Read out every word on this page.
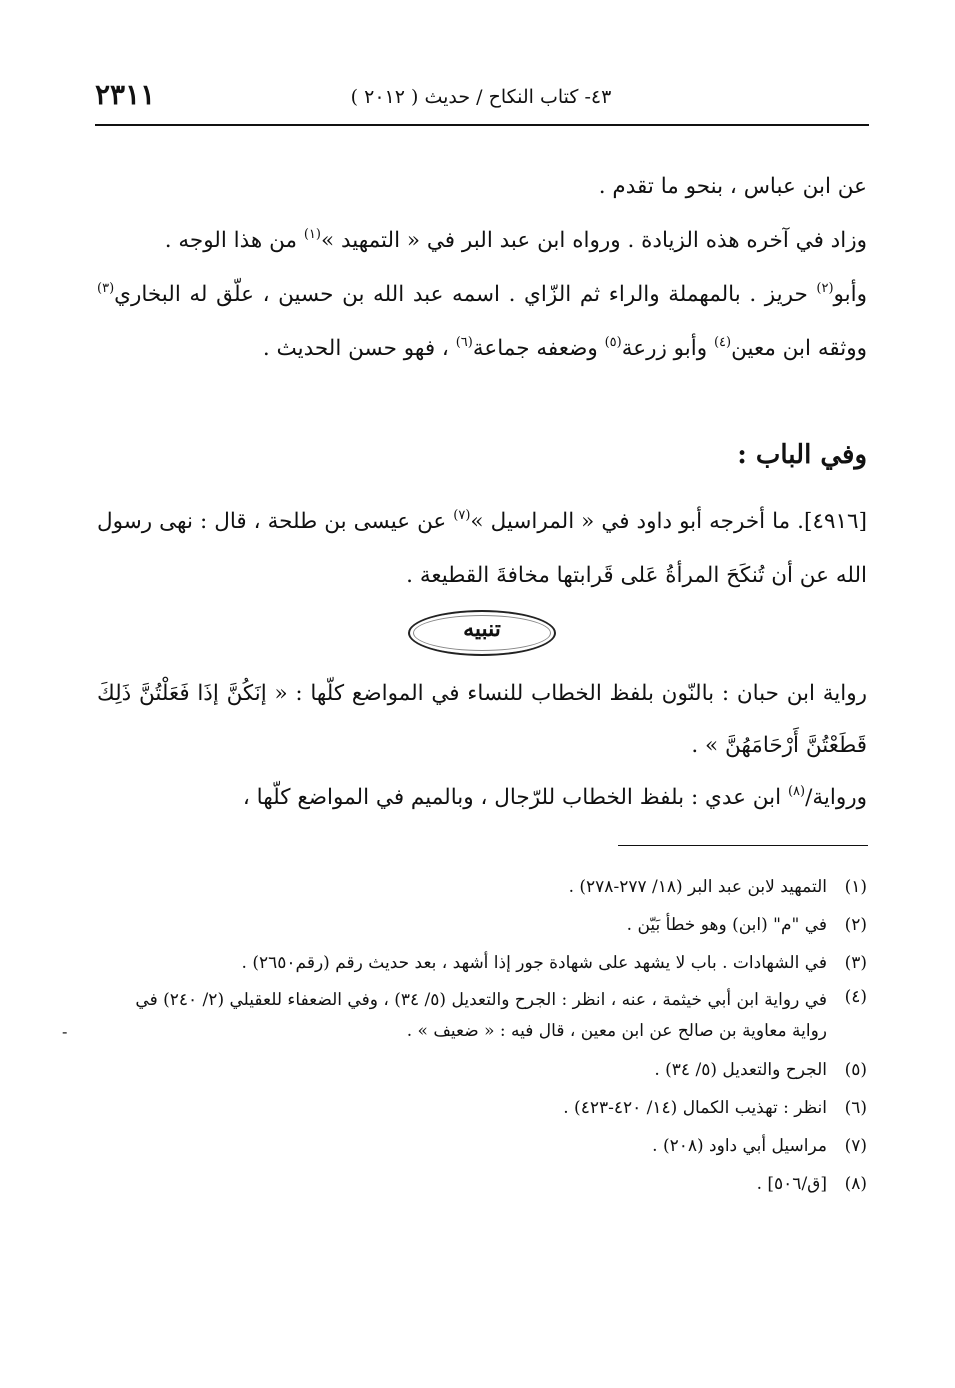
٢٣١١	٤٣- كتاب النكاح / حديث ( ٢٠١٢ )

عن ابن عباس ، بنحو ما تقدم .

وزاد في آخره هذه الزيادة . ورواه ابن عبد البر في « التمهيد »$^{(١)}$ من هذا الوجه .

وأبو$^{(٢)}$ حريز . بالمهملة والراء ثم الزّاي . اسمه عبد الله بن حسين ، علّق له البخاري$^{(٣)}$ ووثقه ابن معين$^{(٤)}$ وأبو زرعة$^{(٥)}$ وضعفه جماعة$^{(٦)}$ ، فهو حسن الحديث .

وفي الباب :

[٤٩١٦]. ما أخرجه أبو داود في « المراسيل »$^{(٧)}$ عن عيسى بن طلحة ، قال : نهى رسول الله عن أن تُنكَحَ المرأةُ عَلى قَرابتها مخافةَ القطيعة .

تنبيه

رواية ابن حبان : بالنّون بلفظ الخطاب للنساء في المواضع كلّها : « إنَكُنَّ إذَا فَعَلْتُنَّ ذَلِكَ قَطَعْتُنَّ أَرْحَامَهُنَّ » .

ورواية/$^{(٨)}$ ابن عدي : بلفظ الخطاب للرّجال ، وبالميم في المواضع كلّها ،

(١)
التمهيد لابن عبد البر (١٨/ ٢٧٧-٢٧٨) .
(٢)
في "م" (ابن) وهو خطأ بَيّن .
(٣)
في الشهادات . باب لا يشهد على شهادة جور إذا أشهد ، بعد حديث رقم (رقم٢٦٥٠) .
(٤)
في رواية ابن أبي خيثمة ، عنه ، انظر : الجرح والتعديل (٥/ ٣٤) ، وفي الضعفاء للعقيلي (٢/ ٢٤٠) في رواية معاوية بن صالح عن ابن معين ، قال فيه : « ضعيف » .
(٥)
الجرح والتعديل (٥/ ٣٤) .
(٦)
انظر : تهذيب الكمال (١٤/ ٤٢٠-٤٢٣) .
(٧)
مراسيل أبي داود (٢٠٨) .
(٨)
[ق/٥٠٦] .
-
